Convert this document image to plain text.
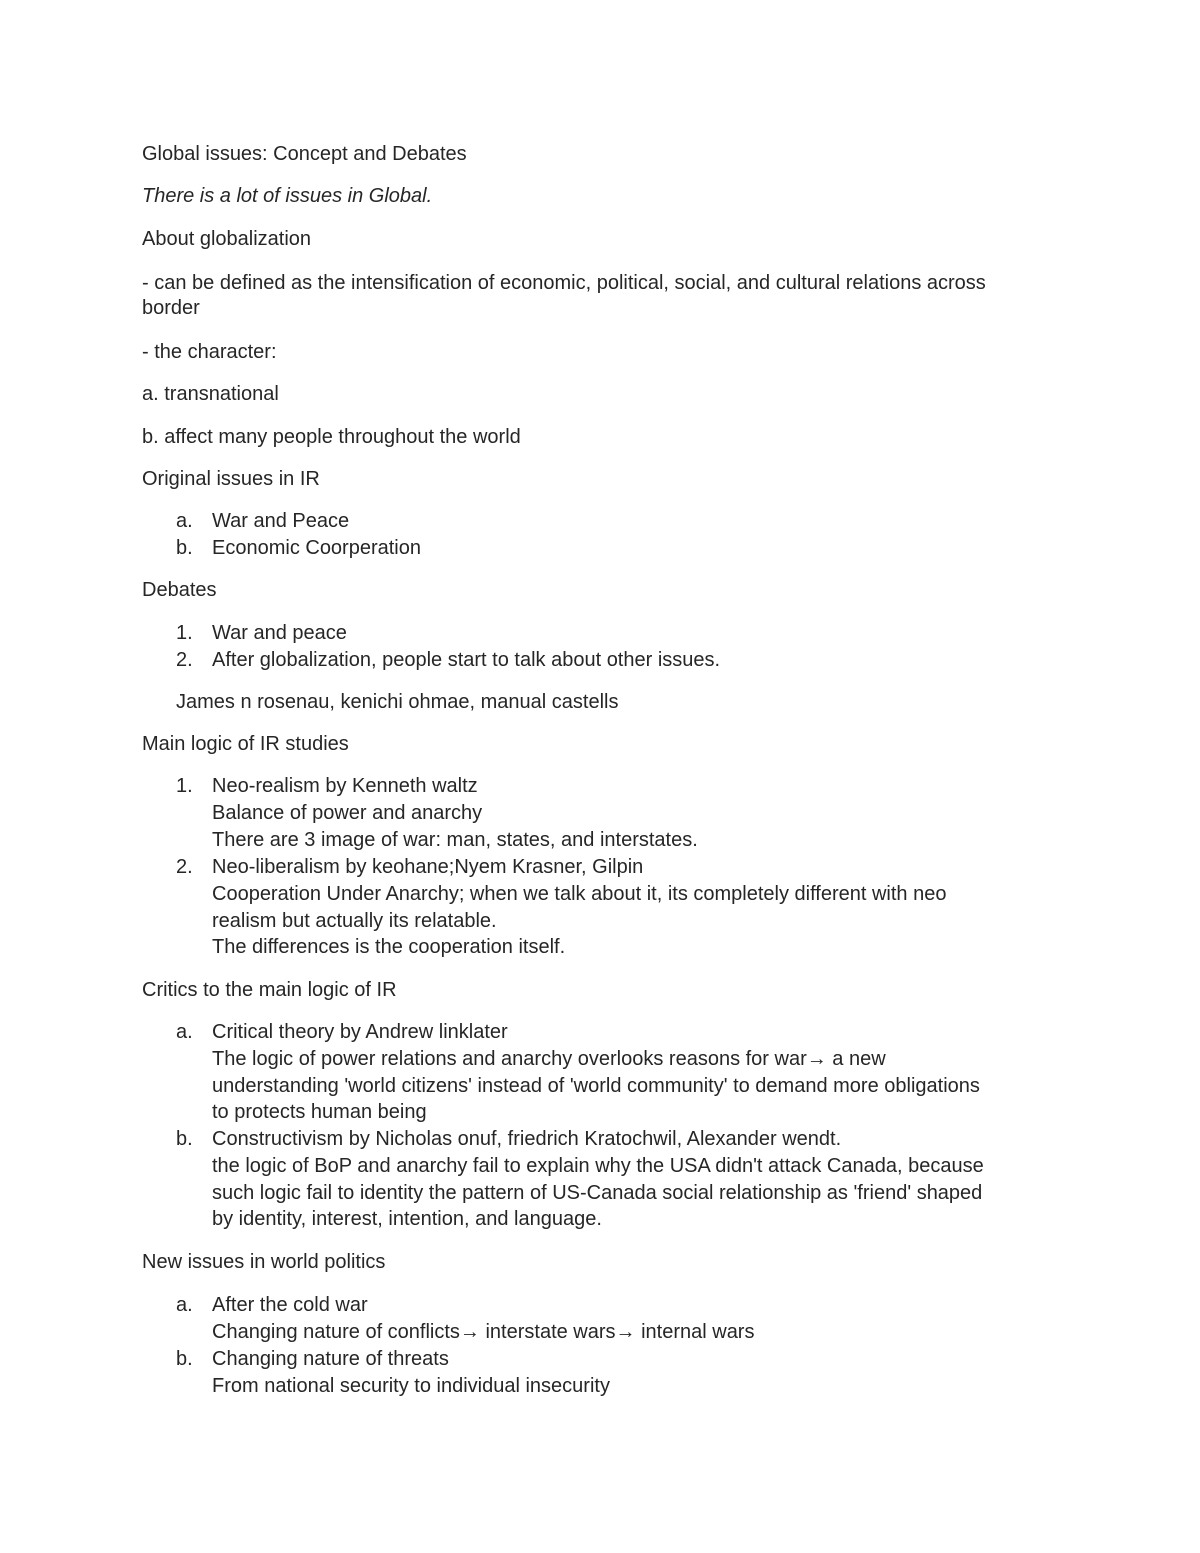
Global issues: Concept and Debates
There is a lot of issues in Global.
About globalization
- can be defined as the intensification of economic, political, social, and cultural relations across
border
- the character:
a. transnational
b. affect many people throughout the world
Original issues in IR
a. War and Peace
b. Economic Coorperation
Debates
1. War and peace
2. After globalization, people start to talk about other issues.
James n rosenau, kenichi ohmae, manual castells
Main logic of IR studies
1. Neo-realism by Kenneth waltz
Balance of power and anarchy
There are 3 image of war: man, states, and interstates.
2. Neo-liberalism by keohane;Nyem Krasner, Gilpin
Cooperation Under Anarchy; when we talk about it, its completely different with neo
realism but actually its relatable.
The differences is the cooperation itself.
Critics to the main logic of IR
a. Critical theory by Andrew linklater
The logic of power relations and anarchy overlooks reasons for war→ a new
understanding 'world citizens' instead of 'world community' to demand more obligations
to protects human being
b. Constructivism by Nicholas onuf, friedrich Kratochwil, Alexander wendt.
the logic of BoP and anarchy fail to explain why the USA didn't attack Canada, because
such logic fail to identity the pattern of US-Canada social relationship as 'friend' shaped
by identity, interest, intention, and language.
New issues in world politics
a. After the cold war
Changing nature of conflicts→ interstate wars→ internal wars
b. Changing nature of threats
From national security to individual insecurity
